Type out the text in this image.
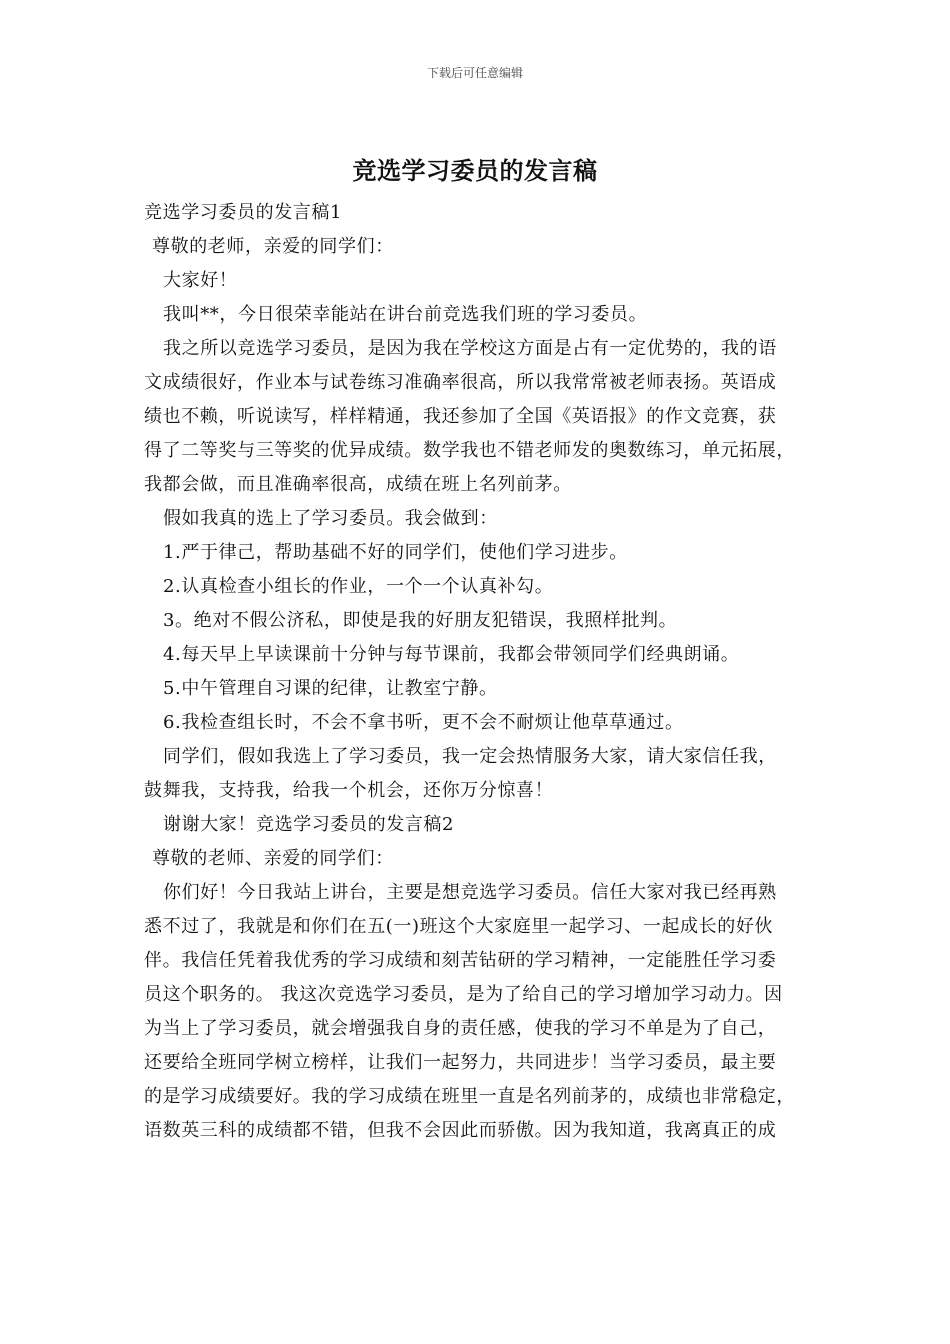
下载后可任意编辑
竞选学习委员的发言稿

竞选学习委员的发言稿1

尊敬的老师，亲爱的同学们：

大家好！

我叫**，今日很荣幸能站在讲台前竞选我们班的学习委员。

我之所以竞选学习委员，是因为我在学校这方面是占有一定优势的，我的语

文成绩很好，作业本与试卷练习准确率很高，所以我常常被老师表扬。英语成

绩也不赖，听说读写，样样精通，我还参加了全国《英语报》的作文竞赛，获

得了二等奖与三等奖的优异成绩。数学我也不错老师发的奥数练习，单元拓展，

我都会做，而且准确率很高，成绩在班上名列前茅。

假如我真的选上了学习委员。我会做到：

1.严于律己，帮助基础不好的同学们，使他们学习进步。

2.认真检查小组长的作业，一个一个认真补勾。

3。绝对不假公济私，即使是我的好朋友犯错误，我照样批判。

4.每天早上早读课前十分钟与每节课前，我都会带领同学们经典朗诵。

5.中午管理自习课的纪律，让教室宁静。

6.我检查组长时，不会不拿书听，更不会不耐烦让他草草通过。

同学们，假如我选上了学习委员，我一定会热情服务大家，请大家信任我，

鼓舞我，支持我，给我一个机会，还你万分惊喜！

谢谢大家！竞选学习委员的发言稿2

尊敬的老师、亲爱的同学们：

你们好！今日我站上讲台，主要是想竞选学习委员。信任大家对我已经再熟

悉不过了，我就是和你们在五(一)班这个大家庭里一起学习、一起成长的好伙

伴。我信任凭着我优秀的学习成绩和刻苦钻研的学习精神，一定能胜任学习委

员这个职务的。 我这次竞选学习委员，是为了给自己的学习增加学习动力。因

为当上了学习委员，就会增强我自身的责任感，使我的学习不单是为了自己，

还要给全班同学树立榜样，让我们一起努力，共同进步！当学习委员，最主要

的是学习成绩要好。我的学习成绩在班里一直是名列前茅的，成绩也非常稳定，

语数英三科的成绩都不错，但我不会因此而骄傲。因为我知道，我离真正的成
